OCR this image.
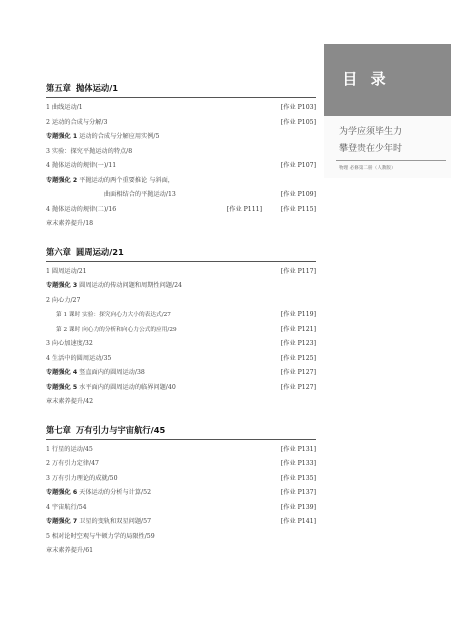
第五章 抛体运动/1
1 曲线运动/1	[作业 P103]
2 运动的合成与分解/3	[作业 P105]
专题强化 1 运动的合成与分解应用实例/5
3 实验：探究平抛运动的特点/8
4 抛体运动的规律(一)/11	[作业 P107]
专题强化 2 平抛运动的两个重要推论 与斜面，
曲面相结合的平抛运动/13	[作业 P109]
4 抛体运动的规律(二)/16	[作业 P111]	[作业 P115]
章末素养提升/18
第六章 圆周运动/21
1 圆周运动/21	[作业 P117]
专题强化 3 圆周运动的传动问题和周期性问题/24
2 向心力/27
第 1 课时 实验：探究向心力大小的表达式/27	[作业 P119]
第 2 课时 向心力的分析和向心力公式的应用/29	[作业 P121]
3 向心加速度/32	[作业 P123]
4 生活中的圆周运动/35	[作业 P125]
专题强化 4 竖直面内的圆周运动/38	[作业 P127]
专题强化 5 水平面内的圆周运动的临界问题/40	[作业 P127]
章末素养提升/42
第七章 万有引力与宇宙航行/45
1 行星的运动/45	[作业 P131]
2 万有引力定律/47	[作业 P133]
3 万有引力理论的成就/50	[作业 P135]
专题强化 6 天体运动的分析与计算/52	[作业 P137]
4 宇宙航行/54	[作业 P139]
专题强化 7 卫星的变轨和双星问题/57	[作业 P141]
5 相对论时空观与牛顿力学的局限性/59
章末素养提升/61
目 录
为学应须毕生力
攀登贵在少年时
物理 必修第二册（人教版）
